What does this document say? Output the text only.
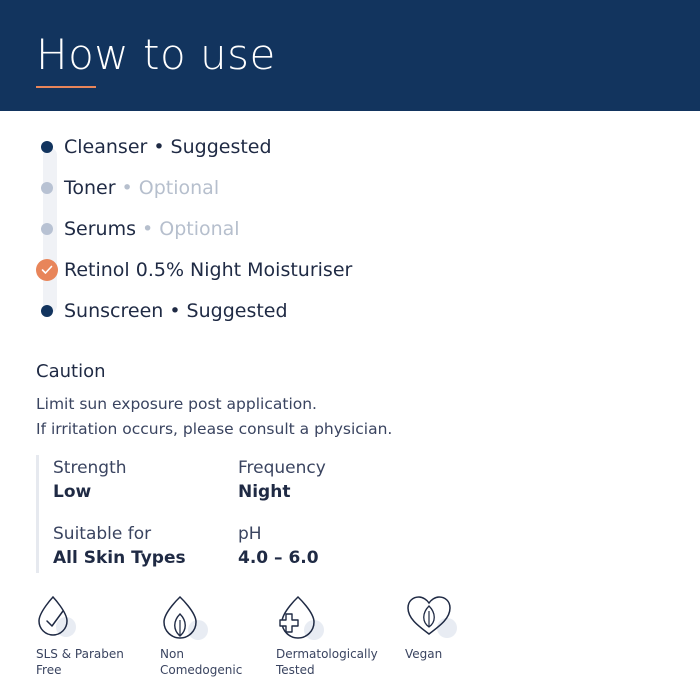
How to use
Cleanser • Suggested
Toner • Optional
Serums • Optional
Retinol 0.5% Night Moisturiser
Sunscreen • Suggested
Caution
Limit sun exposure post application.
If irritation occurs, please consult a physician.
Strength
Low
Frequency
Night
Suitable for
All Skin Types
pH
4.0 – 6.0
SLS & Paraben
Free
Non
Comedogenic
Dermatologically
Tested
Vegan
